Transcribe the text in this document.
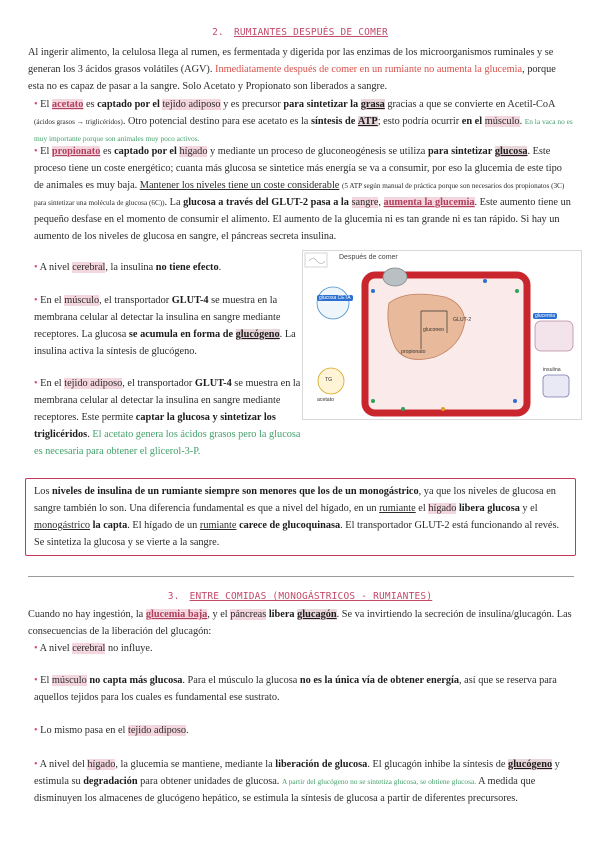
2. RUMIANTES DESPUÉS DE COMER

Al ingerir alimento, la celulosa llega al rumen, es fermentada y digerida por las enzimas de los microorganismos ruminales y se generan los 3 ácidos grasos volátiles (AGV). Inmediatamente después de comer en un rumiante no aumenta la glucemia, porque esta no es capaz de pasar a la sangre. Solo Acetato y Propionato son liberados a sangre.

• El acetato es captado por el tejido adiposo y es precursor para sintetizar la grasa gracias a que se convierte en Acetil-CoA (ácidos grasos → triglicéridos). Otro potencial destino para ese acetato es la síntesis de ATP; esto podría ocurrir en el músculo. En la vaca no es muy importante porque son animales muy poco activos.

• El propionato es captado por el hígado y mediante un proceso de gluconeogénesis se utiliza para sintetizar glucosa. Este proceso tiene un coste energético; cuanta más glucosa se sintetice más energía se va a consumir, por eso la glucemia de este tipo de animales es muy baja. Mantener los niveles tiene un coste considerable (5 ATP según manual de práctica porque son necesarios dos propionatos (3C) para sintetizar una molécula de glucosa (6C)). La glucosa a través del GLUT-2 pasa a la sangre, aumenta la glucemia. Este aumento tiene un pequeño desfase en el momento de consumir el alimento. El aumento de la glucemia ni es tan grande ni es tan rápido. Si hay un aumento de los niveles de glucosa en sangre, el páncreas secreta insulina.

• A nivel cerebral, la insulina no tiene efecto.

• En el músculo, el transportador GLUT-4 se muestra en la membrana celular al detectar la insulina en sangre mediante receptores. La glucosa se acumula en forma de glucógeno. La insulina activa la síntesis de glucógeno.

• En el tejido adiposo, el transportador GLUT-4 se muestra en la membrana celular al detectar la insulina en sangre mediante receptores. Este permite captar la glucosa y sintetizar los triglicéridos. El acetato genera los ácidos grasos pero la glucosa es necesaria para obtener el glicerol-3-P.

Después de comer
glucosa CETA
glucemia
propionato
TG
acetato
insulina
GLUT-2
gluconeo

Los niveles de insulina de un rumiante siempre son menores que los de un monogástrico, ya que los niveles de glucosa en sangre también lo son. Una diferencia fundamental es que a nivel del hígado, en un rumiante el hígado libera glucosa y el monogástrico la capta. El hígado de un rumiante carece de glucoquinasa. El transportador GLUT-2 está funcionando al revés. Se sintetiza la glucosa y se vierte a la sangre.

3. ENTRE COMIDAS (MONOGÁSTRICOS - RUMIANTES)

Cuando no hay ingestión, la glucemia baja, y el páncreas libera glucagón. Se va invirtiendo la secreción de insulina/glucagón. Las consecuencias de la liberación del glucagón:

• A nivel cerebral no influye.

• El músculo no capta más glucosa. Para el músculo la glucosa no es la única vía de obtener energía, así que se reserva para aquellos tejidos para los cuales es fundamental ese sustrato.

• Lo mismo pasa en el tejido adiposo.

• A nivel del hígado, la glucemia se mantiene, mediante la liberación de glucosa. El glucagón inhibe la síntesis de glucógeno y estimula su degradación para obtener unidades de glucosa. A partir del glucógeno no se sintetiza glucosa, se obtiene glucosa. A medida que disminuyen los almacenes de glucógeno hepático, se estimula la síntesis de glucosa a partir de diferentes precursores.
